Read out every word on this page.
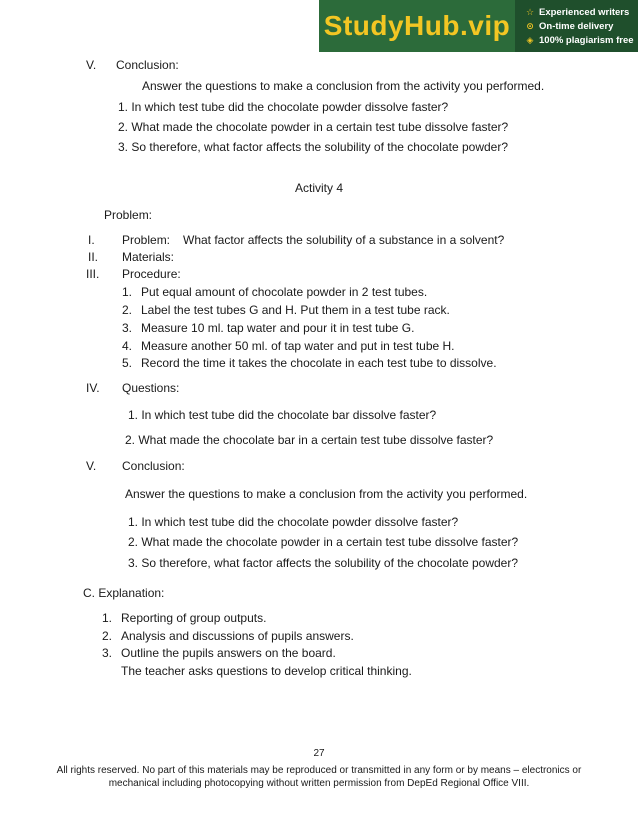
StudyHub.vip	☆ Experienced writers
⊙ On-time delivery
◈ 100% plagiarism free
V. Conclusion:
Answer the questions to make a conclusion from the activity you performed.
1. In which test tube did the chocolate powder dissolve faster?
2. What made the chocolate powder in a certain test tube dissolve faster?
3. So therefore, what factor affects the solubility of the chocolate powder?
Activity 4
Problem:
I. Problem: What factor affects the solubility of a substance in a solvent?
II. Materials:
III. Procedure:
1. Put equal amount of chocolate powder in 2 test tubes.
2. Label the test tubes G and H. Put them in a test tube rack.
3. Measure 10 ml. tap water and pour it in test tube G.
4. Measure another 50 ml. of tap water and put in test tube H.
5. Record the time it takes the chocolate in each test tube to dissolve.
IV. Questions:
1. In which test tube did the chocolate bar dissolve faster?
2. What made the chocolate bar in a certain test tube dissolve faster?
V. Conclusion:
Answer the questions to make a conclusion from the activity you performed.
1. In which test tube did the chocolate powder dissolve faster?
2. What made the chocolate powder in a certain test tube dissolve faster?
3. So therefore, what factor affects the solubility of the chocolate powder?
C. Explanation:
1. Reporting of group outputs.
2. Analysis and discussions of pupils answers.
3. Outline the pupils answers on the board.
The teacher asks questions to develop critical thinking.
27
All rights reserved. No part of this materials may be reproduced or transmitted in any form or by means – electronics or
mechanical including photocopying without written permission from DepEd Regional Office VIII.
